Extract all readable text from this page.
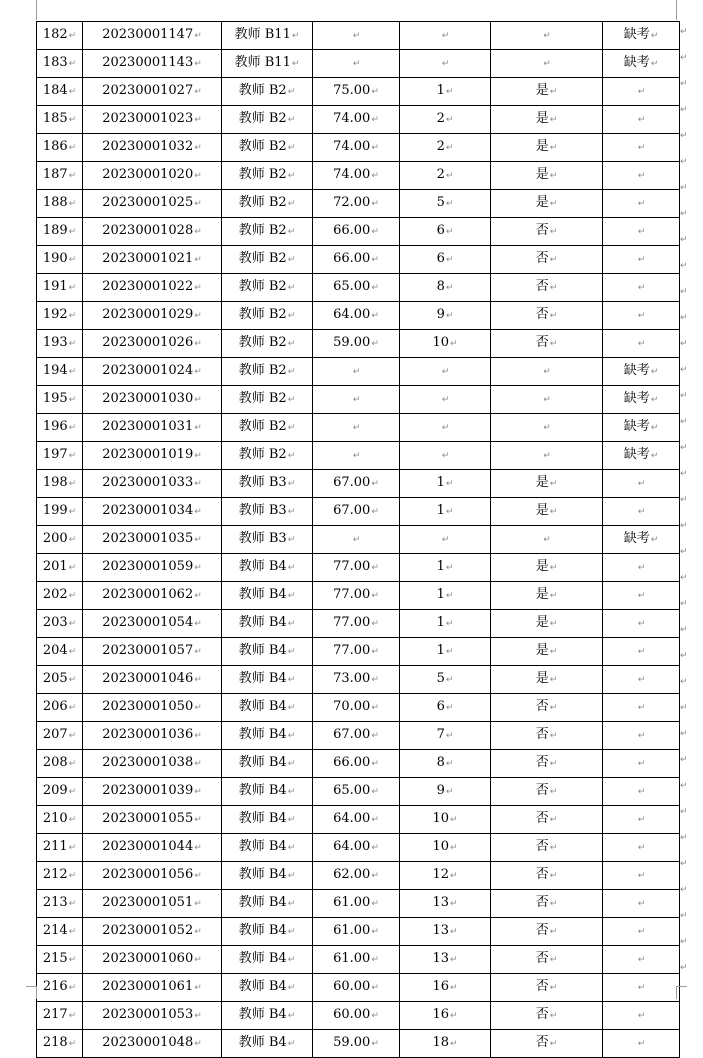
182↵	20230001147↵	教师 B11↵	↵	↵	↵	缺考↵
183↵	20230001143↵	教师 B11↵	↵	↵	↵	缺考↵
184↵	20230001027↵	教师 B2↵	75.00↵	1↵	是↵	↵
185↵	20230001023↵	教师 B2↵	74.00↵	2↵	是↵	↵
186↵	20230001032↵	教师 B2↵	74.00↵	2↵	是↵	↵
187↵	20230001020↵	教师 B2↵	74.00↵	2↵	是↵	↵
188↵	20230001025↵	教师 B2↵	72.00↵	5↵	是↵	↵
189↵	20230001028↵	教师 B2↵	66.00↵	6↵	否↵	↵
190↵	20230001021↵	教师 B2↵	66.00↵	6↵	否↵	↵
191↵	20230001022↵	教师 B2↵	65.00↵	8↵	否↵	↵
192↵	20230001029↵	教师 B2↵	64.00↵	9↵	否↵	↵
193↵	20230001026↵	教师 B2↵	59.00↵	10↵	否↵	↵
194↵	20230001024↵	教师 B2↵	↵	↵	↵	缺考↵
195↵	20230001030↵	教师 B2↵	↵	↵	↵	缺考↵
196↵	20230001031↵	教师 B2↵	↵	↵	↵	缺考↵
197↵	20230001019↵	教师 B2↵	↵	↵	↵	缺考↵
198↵	20230001033↵	教师 B3↵	67.00↵	1↵	是↵	↵
199↵	20230001034↵	教师 B3↵	67.00↵	1↵	是↵	↵
200↵	20230001035↵	教师 B3↵	↵	↵	↵	缺考↵
201↵	20230001059↵	教师 B4↵	77.00↵	1↵	是↵	↵
202↵	20230001062↵	教师 B4↵	77.00↵	1↵	是↵	↵
203↵	20230001054↵	教师 B4↵	77.00↵	1↵	是↵	↵
204↵	20230001057↵	教师 B4↵	77.00↵	1↵	是↵	↵
205↵	20230001046↵	教师 B4↵	73.00↵	5↵	是↵	↵
206↵	20230001050↵	教师 B4↵	70.00↵	6↵	否↵	↵
207↵	20230001036↵	教师 B4↵	67.00↵	7↵	否↵	↵
208↵	20230001038↵	教师 B4↵	66.00↵	8↵	否↵	↵
209↵	20230001039↵	教师 B4↵	65.00↵	9↵	否↵	↵
210↵	20230001055↵	教师 B4↵	64.00↵	10↵	否↵	↵
211↵	20230001044↵	教师 B4↵	64.00↵	10↵	否↵	↵
212↵	20230001056↵	教师 B4↵	62.00↵	12↵	否↵	↵
213↵	20230001051↵	教师 B4↵	61.00↵	13↵	否↵	↵
214↵	20230001052↵	教师 B4↵	61.00↵	13↵	否↵	↵
215↵	20230001060↵	教师 B4↵	61.00↵	13↵	否↵	↵
216↵	20230001061↵	教师 B4↵	60.00↵	16↵	否↵	↵
217↵	20230001053↵	教师 B4↵	60.00↵	16↵	否↵	↵
218↵	20230001048↵	教师 B4↵	59.00↵	18↵	否↵	↵
↵
↵
↵
↵
↵
↵
↵
↵
↵
↵
↵
↵
↵
↵
↵
↵
↵
↵
↵
↵
↵
↵
↵
↵
↵
↵
↵
↵
↵
↵
↵
↵
↵
↵
↵
↵
↵
